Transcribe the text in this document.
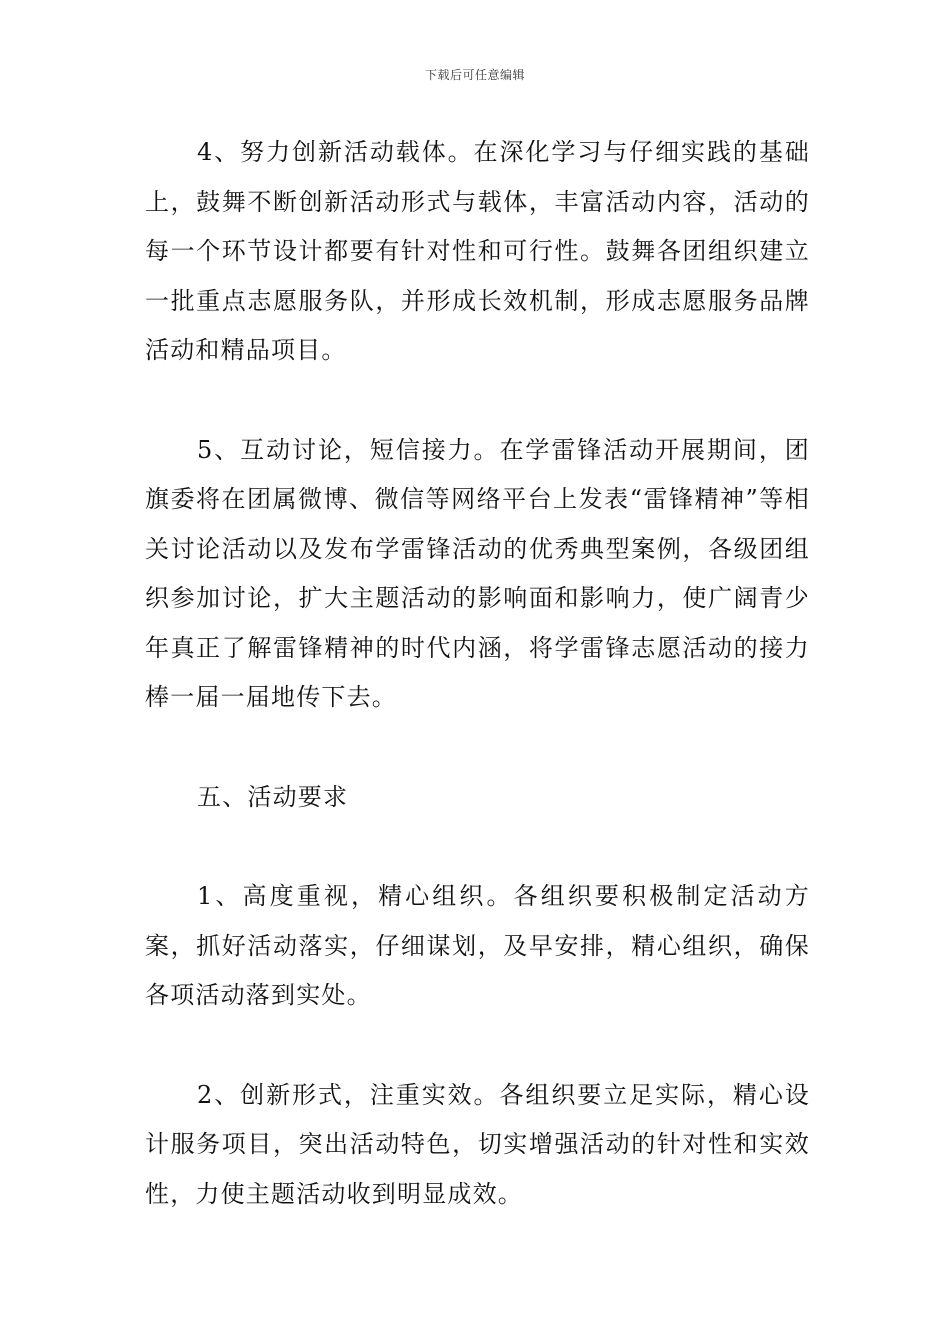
下载后可任意编辑

4、努力创新活动载体。在深化学习与仔细实践的基础上，鼓舞不断创新活动形式与载体，丰富活动内容，活动的每一个环节设计都要有针对性和可行性。鼓舞各团组织建立一批重点志愿服务队，并形成长效机制，形成志愿服务品牌活动和精品项目。

5、互动讨论，短信接力。在学雷锋活动开展期间，团旗委将在团属微博、微信等网络平台上发表“雷锋精神”等相关讨论活动以及发布学雷锋活动的优秀典型案例，各级团组织参加讨论，扩大主题活动的影响面和影响力，使广阔青少年真正了解雷锋精神的时代内涵，将学雷锋志愿活动的接力棒一届一届地传下去。

五、活动要求

1、高度重视，精心组织。各组织要积极制定活动方案，抓好活动落实，仔细谋划，及早安排，精心组织，确保各项活动落到实处。

2、创新形式，注重实效。各组织要立足实际，精心设计服务项目，突出活动特色，切实增强活动的针对性和实效性，力使主题活动收到明显成效。
